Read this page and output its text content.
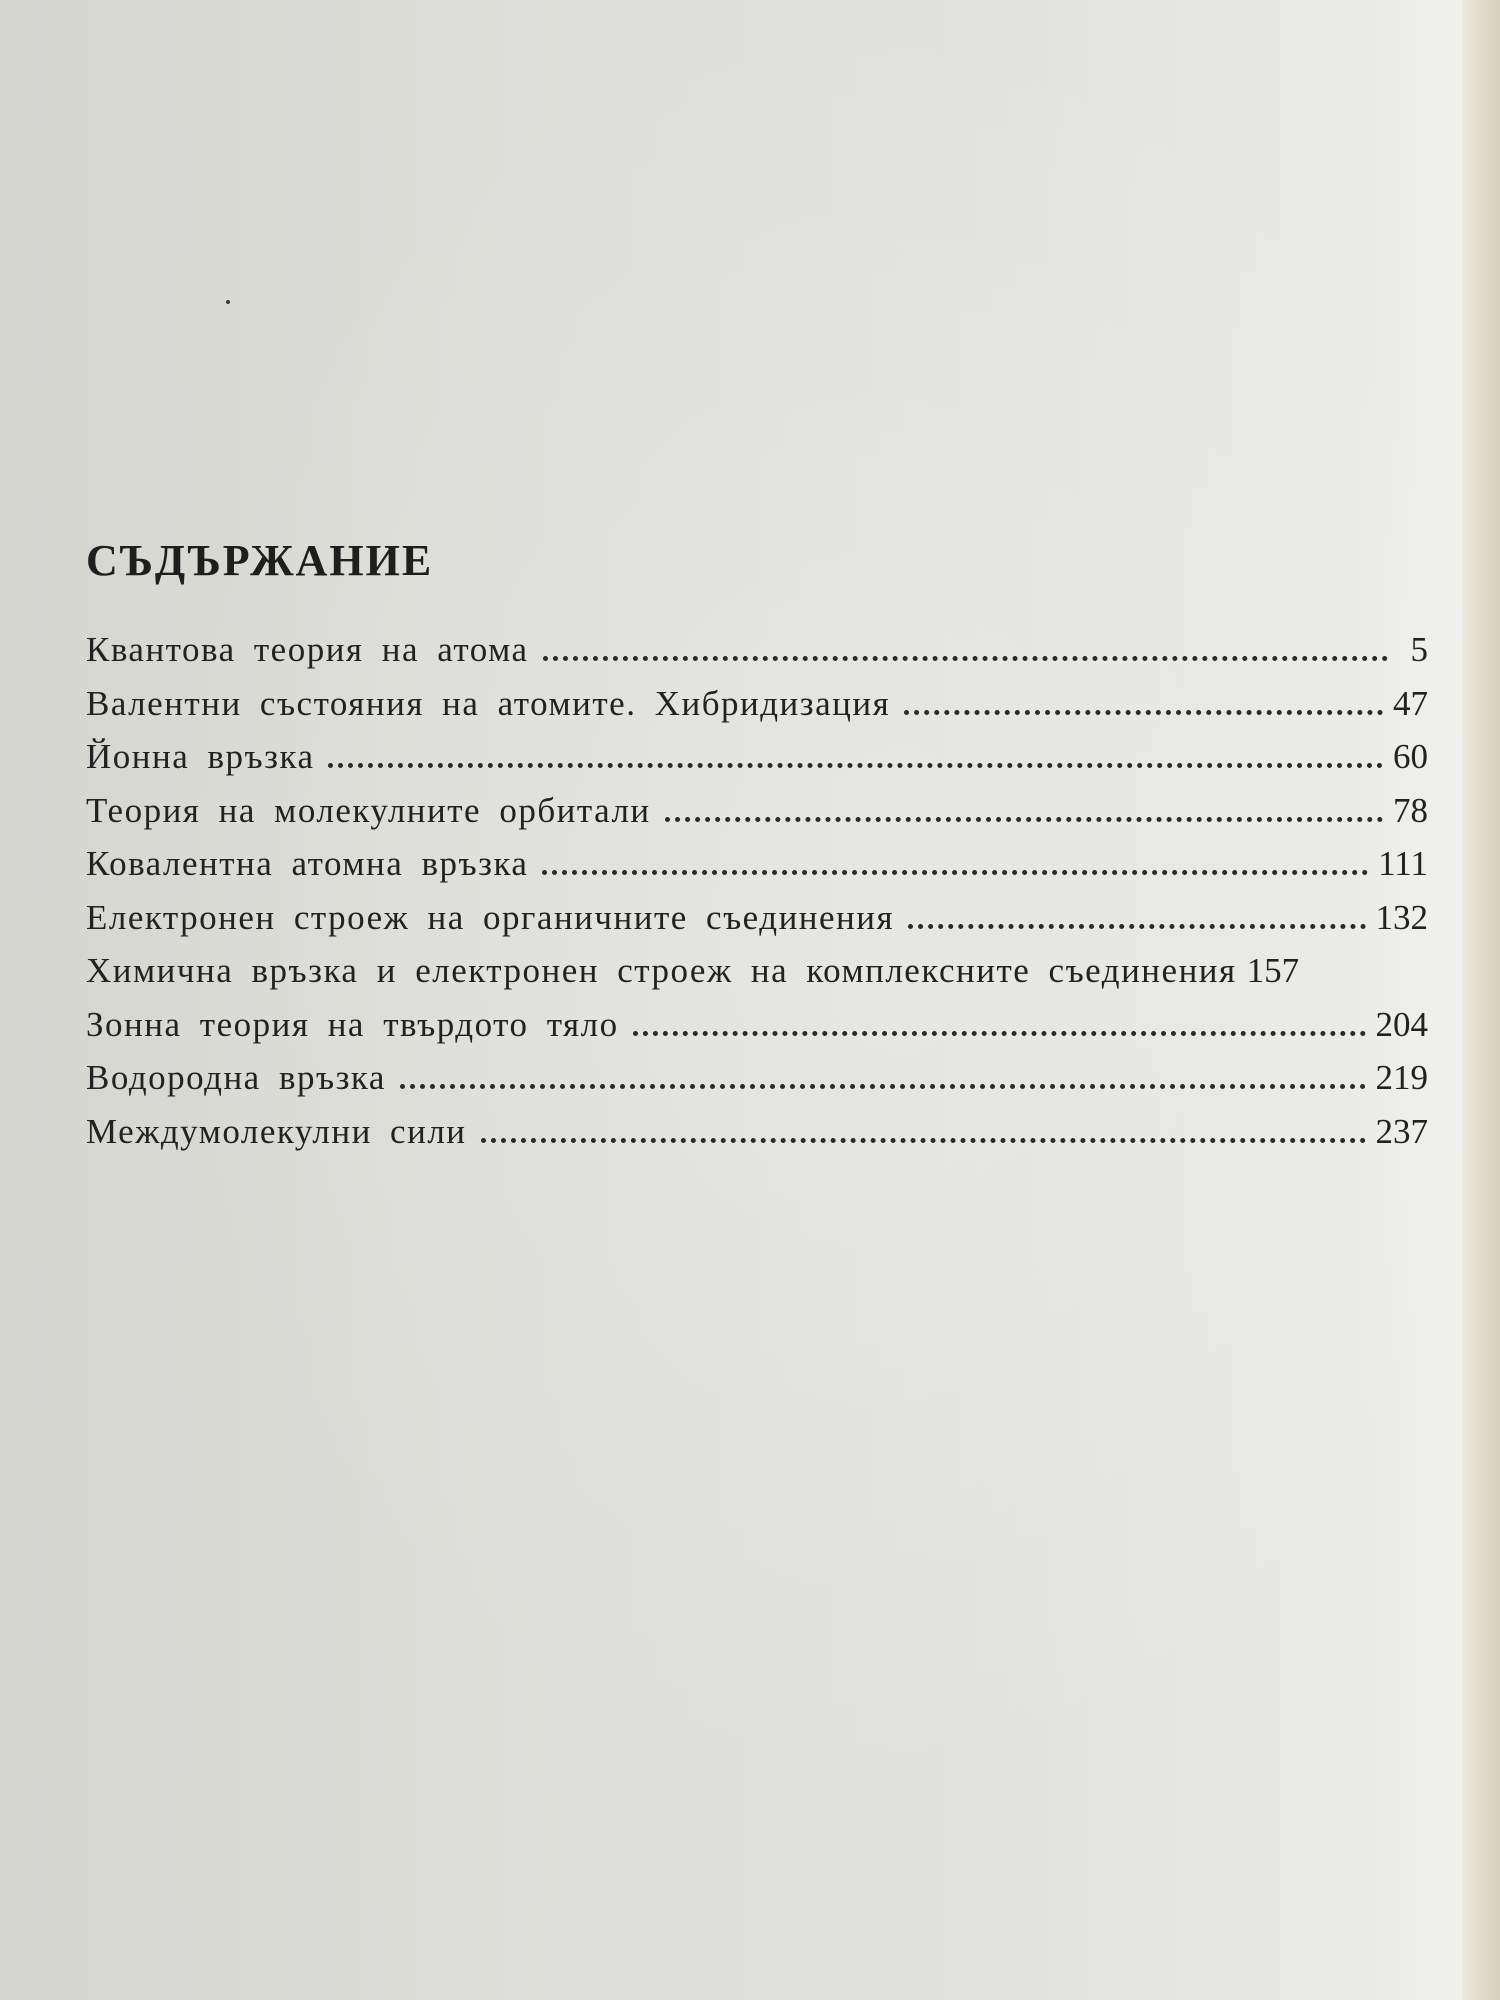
СЪДЪРЖАНИЕ
Квантова теория на атома	5
Валентни състояния на атомите. Хибридизация	47
Йонна връзка	60
Теория на молекулните орбитали	78
Ковалентна атомна връзка	111
Електронен строеж на органичните съединения	132
Химична връзка и електронен строеж на комплексните съединения 157
Зонна теория на твърдото тяло	204
Водородна връзка	219
Междумолекулни сили	237
